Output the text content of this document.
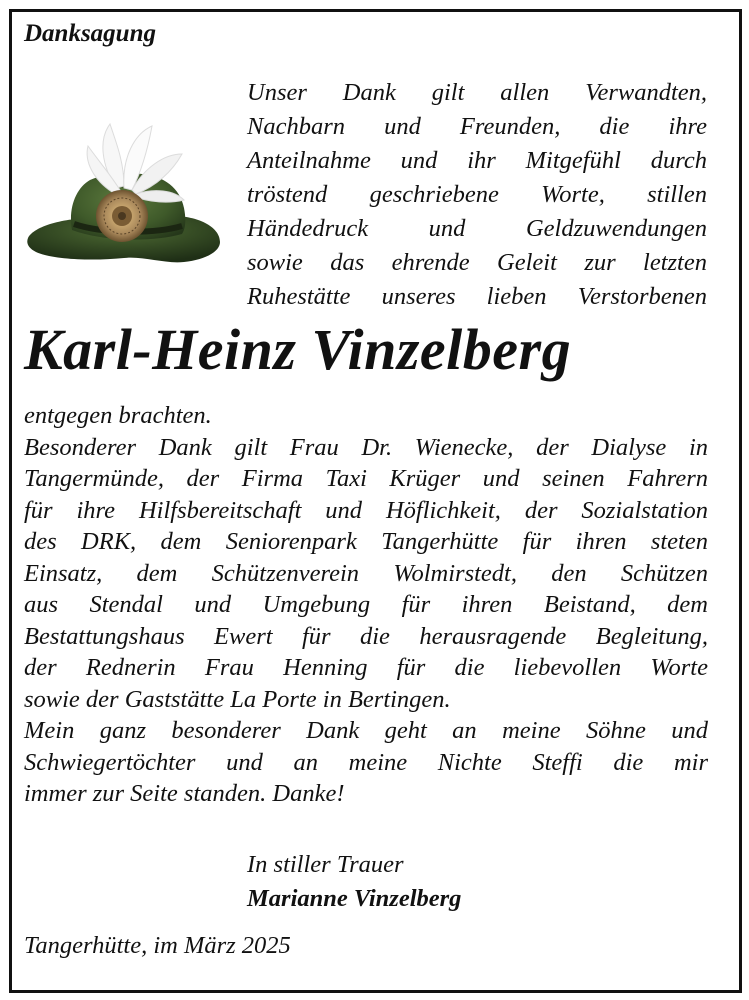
Danksagung
Unser Dank gilt allen Verwandten,
Nachbarn und Freunden, die ihre
Anteilnahme und ihr Mitgefühl durch
tröstend geschriebene Worte, stillen
Händedruck und Geldzuwendungen
sowie das ehrende Geleit zur letzten
Ruhestätte unseres lieben Verstorbenen
Karl-Heinz Vinzelberg
entgegen brachten.
Besonderer Dank gilt Frau Dr. Wienecke, der Dialyse in
Tangermünde, der Firma Taxi Krüger und seinen Fahrern
für ihre Hilfsbereitschaft und Höflichkeit, der Sozialstation
des DRK, dem Seniorenpark Tangerhütte für ihren steten
Einsatz, dem Schützenverein Wolmirstedt, den Schützen
aus Stendal und Umgebung für ihren Beistand, dem
Bestattungshaus Ewert für die herausragende Begleitung,
der Rednerin Frau Henning für die liebevollen Worte
sowie der Gaststätte La Porte in Bertingen.
Mein ganz besonderer Dank geht an meine Söhne und
Schwiegertöchter und an meine Nichte Steffi die mir
immer zur Seite standen. Danke!
In stiller Trauer
Marianne Vinzelberg
Tangerhütte, im März 2025
